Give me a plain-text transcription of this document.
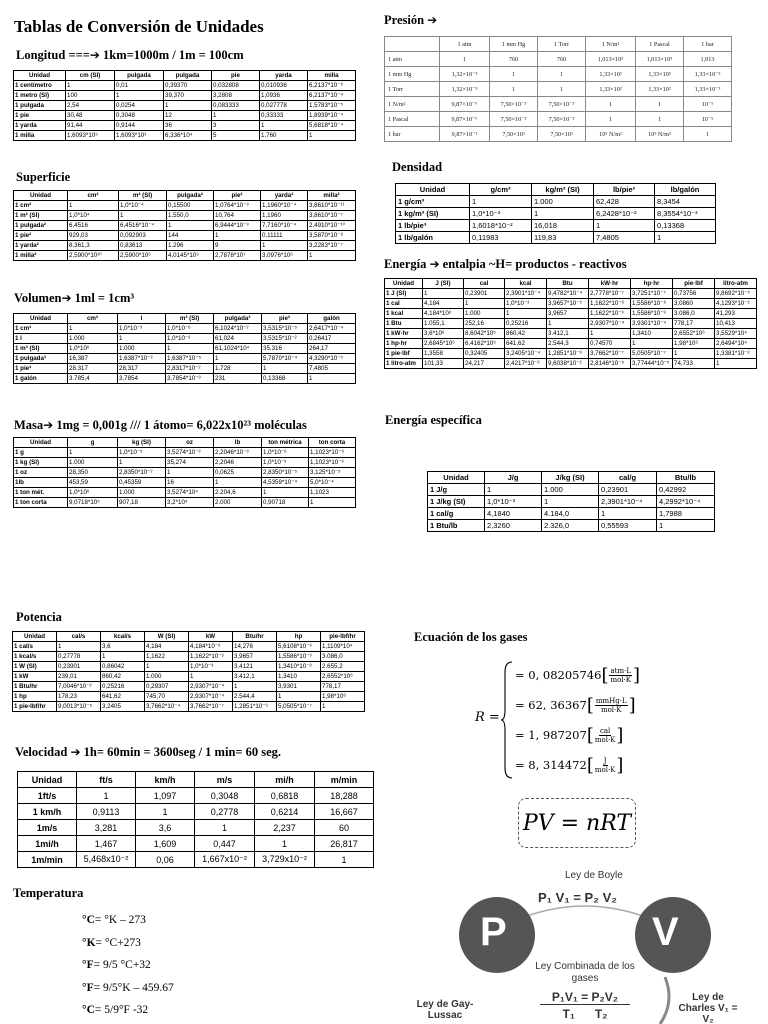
Tablas de Conversión de Unidades
Longitud ===➔ 1km=1000m / 1m = 100cm
Unidad	cm (SI)	pulgada	pulgada	pie	yarda	milla
1 centímetro	1	0,01	0,39370	0,032808	0,010936	6,2137*10⁻⁶
1 metro (SI)	100	1	39,370	3,2808	1,0936	6,2137*10⁻⁴
1 pulgada	2,54	0,0254	1	0,083333	0,027778	1,5783*10⁻⁵
1 pie	30,48	0,3048	12	1	0,33333	1,8939*10⁻⁴
1 yarda	91,44	0,9144	36	3	1	5,6818*10⁻⁴
1 milla	1,6093*10⁵	1,6093*10³	6,336*10⁴	5	1.760	1
Superficie
Unidad	cm²	m² (SI)	pulgada²	pie²	yarda²	milla²
1 cm²	1	1,0*10⁻⁴	0,15500	1,0764*10⁻³	1,1960*10⁻⁴	3,8610*10⁻¹¹
1 m² (SI)	1,0*10⁴	1	1.550,0	10,764	1,1960	3,8610*10⁻⁷
1 pulgada²	6,4516	6,4516*10⁻⁴	1	6,9444*10⁻³	7,7160*10⁻⁴	2,4910*10⁻¹⁰
1 pie²	929,03	0,092903	144	1	0,11111	3,5870*10⁻⁸
1 yarda²	8.361,3	0,83613	1.296	9	1	3,2283*10⁻⁷
1 milla²	2,5900*10¹⁰	2,5900*10⁶	4,0145*10⁹	2,7878*10⁷	3,0976*10⁶	1
Volumen➔ 1ml = 1cm³
Unidad	cm³	l	m³ (SI)	pulgada³	pie³	galón
1 cm³	1	1,0*10⁻³	1,0*10⁻⁶	6,1024*10⁻²	3,5315*10⁻⁵	2,6417*10⁻⁴
1 l	1.000	1	1,0*10⁻³	61,024	3,5315*10⁻²	0,26417
1 m³ (SI)	1,0*10⁶	1.000	1	61,1024*10⁴	35,316	264,17
1 pulgada³	16,387	1,6387*10⁻²	1,6387*10⁻⁵	1	5,7870*10⁻⁴	4,3290*10⁻³
1 pie³	28.317	28,317	2,8317*10⁻²	1.728	1	7,4805
1 galón	3.785,4	3,7854	3,7854*10⁻³	231	0,13368	1
Masa➔ 1mg = 0,001g /// 1 átomo= 6,022x10²³ moléculas
Unidad	g	kg (SI)	oz	lb	ton métrica	ton corta
1 g	1	1,0*10⁻³	3,5274*10⁻²	2,2046*10⁻³	1,0*10⁻⁶	1,1023*10⁻⁶
1 kg (SI)	1.000	1	35,274	2,2046	1,0*10⁻³	1,1023*10⁻³
1 oz	28,350	2,8350*10⁻²	1	0,0625	2,8350*10⁻⁵	3,125*10⁻⁵
1lb	453,59	0,45359	16	1	4,5359*10⁻⁴	5,0*10⁻⁴
1 ton mét.	1,0*10⁶	1.000	3,5274*10⁴	2.204,6	1	1,1023
1 ton corta	9,0718*10⁵	907,18	3,2*10⁴	2.000	0,90718	1
Presión ➔
	1 atm	1 mm Hg	1 Torr	1 N/m²	1 Pascal	1 bar
1 atm	1	760	760	1,013×10⁵	1,013×10⁵	1,013
1 mm Hg	1,32×10⁻³	1	1	1,33×10²	1,33×10²	1,33×10⁻³
1 Torr	1,32×10⁻³	1	1	1,33×10²	1,33×10²	1,33×10⁻³
1 N/m²	9,87×10⁻⁶	7,50×10⁻³	7,50×10⁻³	1	1	10⁻⁵
1 Pascal	9,87×10⁻⁶	7,50×10⁻³	7,50×10⁻³	1	1	10⁻⁵
1 bar	9,87×10⁻¹	7,50×10²	7,50×10²	10⁵ N/m²	10⁵ N/m²	1
Densidad
Unidad	g/cm³	kg/m³ (SI)	lb/pie³	lb/galón
1 g/cm³	1	1.000	62,428	8,3454
1 kg/m³ (SI)	1,0*10⁻³	1	6,2428*10⁻²	8,3554*10⁻³
1 lb/pie³	1,6018*10⁻²	16,018	1	0,13368
1 lb/galón	0,11983	119,83	7,4805	1
Energía ➔ entalpia ~H= productos - reactivos
Unidad	J (SI)	cal	kcal	Btu	kW·hr	hp·hr	pie·lbf	litro-atm
1 J (SI)	1	0,23901	2,3901*10⁻⁴	9,4782*10⁻⁴	2,7778*10⁻⁷	3,7251*10⁻⁷	0,73756	9,8692*10⁻³
1 cal	4,184	1	1,0*10⁻³	3,9657*10⁻³	1,1622*10⁻⁶	1,5586*10⁻⁶	3,0860	4,1293*10⁻²
1 kcal	4,184*10³	1.000	1	3,9657	1,1622*10⁻³	1,5586*10⁻³	3.086,0	41,293
1 Btu	1.055,1	252,16	0,25216	1	2,9307*10⁻⁴	3,9301*10⁻⁴	778,17	10,413
1 kW·hr	3,6*10⁶	8,6042*10⁵	860,42	3.412,1	1	1,3410	2,6552*10⁶	3,5529*10⁴
1 hp·hr	2,6845*10⁶	6,4162*10⁵	641,62	2.544,3	0,74570	1	1,98*10⁶	2,6494*10⁴
1 pie·lbf	1,3558	0,32405	3,2405*10⁻⁴	1,2851*10⁻³	3,7662*10⁻⁷	5,0505*10⁻⁷	1	1,3381*10⁻²
1 litro-atm	101,33	24,217	2,4217*10⁻²	9,6038*10⁻²	2,8146*10⁻⁵	3,77444*10⁻⁵	74,733	1
Energía específica
Unidad	J/g	J/kg (SI)	cal/g	Btu/lb
1 J/g	1	1.000	0,23901	0,42992
1 J/kg (SI)	1,0*10⁻³	1	2,3901*10⁻⁴	4,2992*10⁻⁴
1 cal/g	4,1840	4.184,0	1	1,7988
1 Btu/lb	2,3260	2.326,0	0,55593	1
Potencia
Unidad	cal/s	kcal/s	W (SI)	kW	Btu/hr	hp	pie-lbf/hr
1 cal/s	1	3,6	4,184	4,184*10⁻³	14,276	5,6108*10⁻³	1,1109*10⁴
1 kcal/s	0,27778	1	1,1622	1,1622*10⁻³	3,9657	1,5586*10⁻³	3.086,0
1 W (SI)	0,23901	0,86042	1	1,0*10⁻³	3,4121	1,3410*10⁻³	2.655,2
1 kW	239,01	860,42	1.000	1	3.412,1	1,3410	2,6552*10⁶
1 Btu/hr	7,0046*10⁻²	0,25216	0,29307	2,9307*10⁻⁴	1	3,9301	778,17
1 hp	178,23	641,62	745,70	2,9307*10⁻⁴	2.544,4	1	1,98*10⁶
1 pie-lbf/hr	9,0013*10⁻⁵	3,2405	3,7662*10⁻⁴	3,7662*10⁻⁷	1,2851*10⁻³	5,0505*10⁻⁷	1
Velocidad ➔ 1h= 60min = 3600seg / 1 min= 60 seg.
Unidad	ft/s	km/h	m/s	mi/h	m/min
1ft/s	1	1,097	0,3048	0,6818	18,288
1 km/h	0,9113	1	0,2778	0,6214	16,667
1m/s	3,281	3,6	1	2,237	60
1mi/h	1,467	1,609	0,447	1	26,817
1m/min	5,468x10⁻²	0,06	1,667x10⁻²	3,729x10⁻²	1
Temperatura
°C= °K – 273
°K= °C+273
°F= 9/5 °C+32
°F= 9/5°K – 459.67
°C= 5/9°F -32
Ecuación de los gases
R =
= 0, 08205746 [ $\frac{\text{atm·L}}{\text{mol·K}}$ ]
= 62, 36367 [ $\frac{\text{mmHg·L}}{\text{mol·K}}$ ]
= 1, 987207 [ $\frac{\text{cal}}{\text{mol·K}}$ ]
= 8, 314472 [ $\frac{J}{\text{mol·K}}$ ]
PV = nRT
Ley de Boyle
P₁ V₁ = P₂ V₂
P	V
Ley Combinada de los gases
P₁V₁ = P₂V₂
T₁      T₂
Ley de Gay-Lussac
Ley de Charles V₁ = V₂
